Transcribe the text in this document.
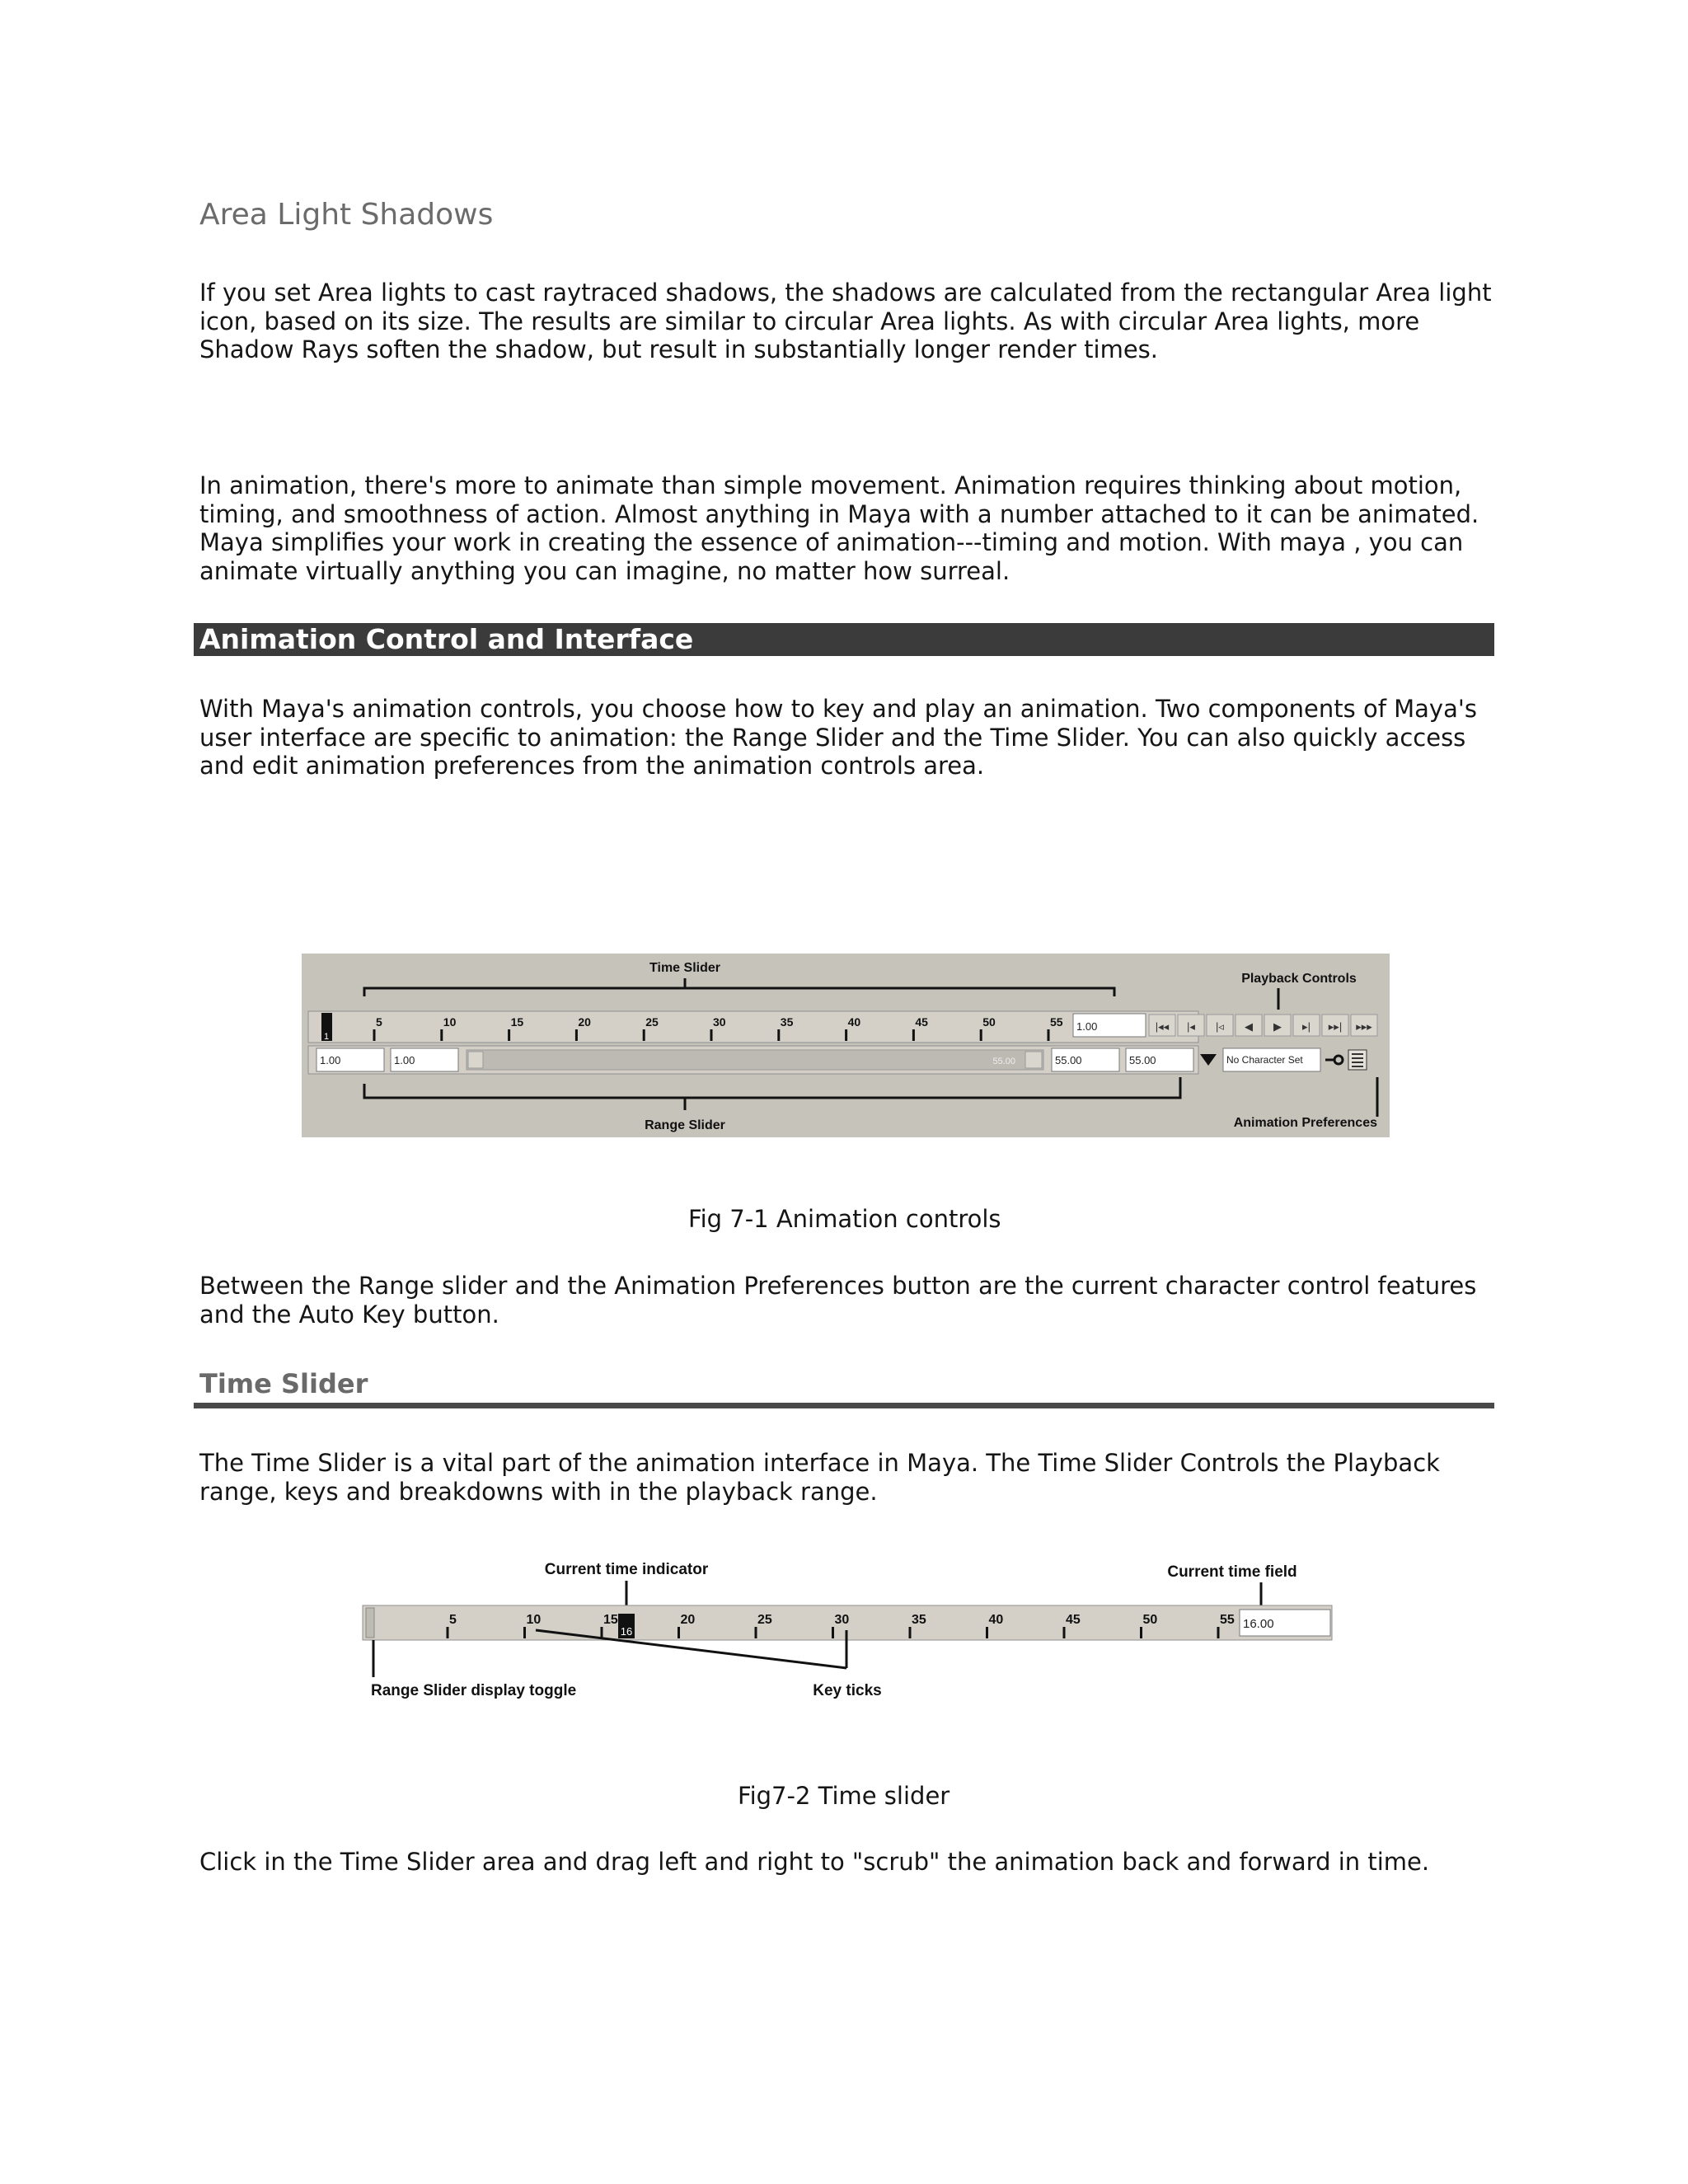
Area Light Shadows

If you set Area lights to cast raytraced shadows, the shadows are calculated from the rectangular Area light icon, based on its size. The results are similar to circular Area lights. As with circular Area lights, more Shadow Rays soften the shadow, but result in substantially longer render times.

In animation, there's more to animate than simple movement. Animation requires thinking about motion, timing, and smoothness of action. Almost anything in Maya with a number attached to it can be animated. Maya simplifies your work in creating the essence of animation---timing and motion. With maya , you can animate virtually anything you can imagine, no matter how surreal.

Animation Control and Interface

With Maya's animation controls, you choose how to key and play an animation. Two components of Maya's user interface are specific to animation: the Range Slider and the Time Slider. You can also quickly access and edit animation preferences from the animation controls area.

Time Slider
Playback Controls
1
5	10	15	20	25	30	35	40	45	50	55 1.00	|◂◂ |◂ |◃ ◀ ▶ ▸| ▸▸| ▸▸▸
1.00	1.00	55.00	55.00	55.00	No Character Set
Range Slider	Animation Preferences

Fig 7-1 Animation controls

Between the Range slider and the Animation Preferences button are the current character control features and the Auto Key button.

Time Slider

The Time Slider is a vital part of the animation interface in Maya. The Time Slider Controls the Playback range, keys and breakdowns with in the playback range.

Current time indicator	Current time field
5	10	15	20	25	30	35	40	45	50	55
16
16.00
Range Slider display toggle	Key ticks

Fig7-2 Time slider

Click in the Time Slider area and drag left and right to "scrub" the animation back and forward in time.
